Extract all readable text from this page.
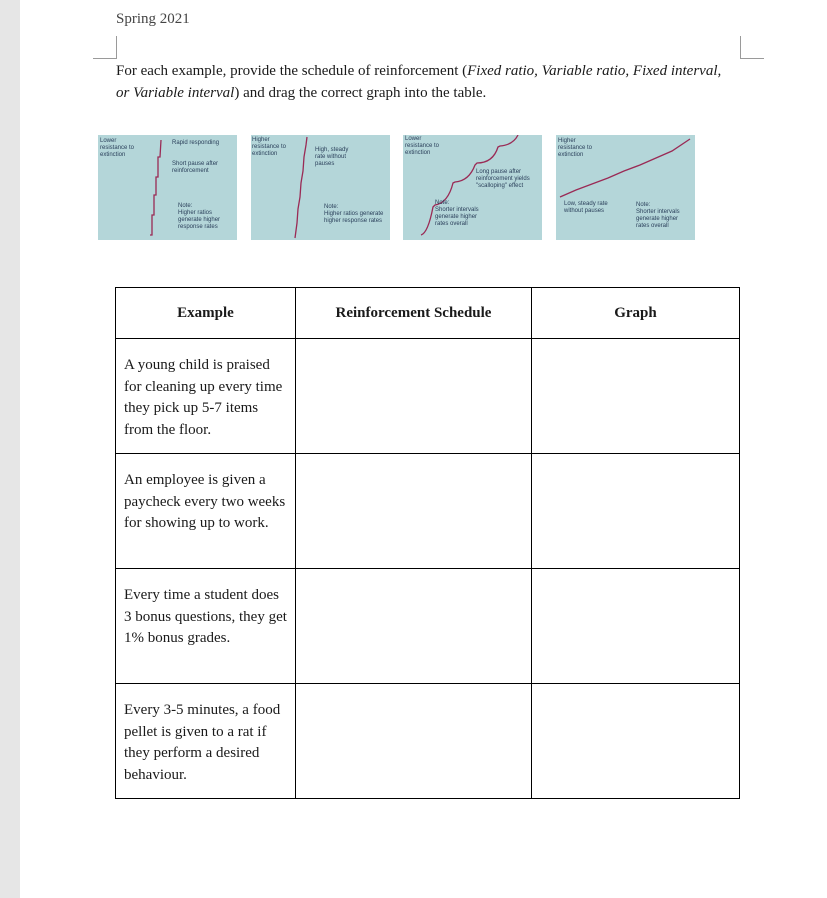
Spring 2021
For each example, provide the schedule of reinforcement (Fixed ratio, Variable ratio, Fixed interval, or Variable interval) and drag the correct graph into the table.
Lower
resistance to
extinction
Rapid responding
Short pause after
reinforcement
Note:
Higher ratios
generate higher
response rates
Higher
resistance to
extinction
High, steady
rate without
pauses
Note:
Higher ratios generate
higher response rates
Lower
resistance to
extinction
Long pause after
reinforcement yields
"scalloping" effect
Note:
Shorter intervals
generate higher
rates overall
Higher
resistance to
extinction
Low, steady rate
without pauses
Note:
Shorter intervals
generate higher
rates overall
Example	Reinforcement Schedule	Graph

A young child is praised for cleaning up every time they pick up 5-7 items from the floor.		

An employee is given a paycheck every two weeks for showing up to work.		

Every time a student does 3 bonus questions, they get 1% bonus grades.		

Every 3-5 minutes, a food pellet is given to a rat if they perform a desired behaviour.		
